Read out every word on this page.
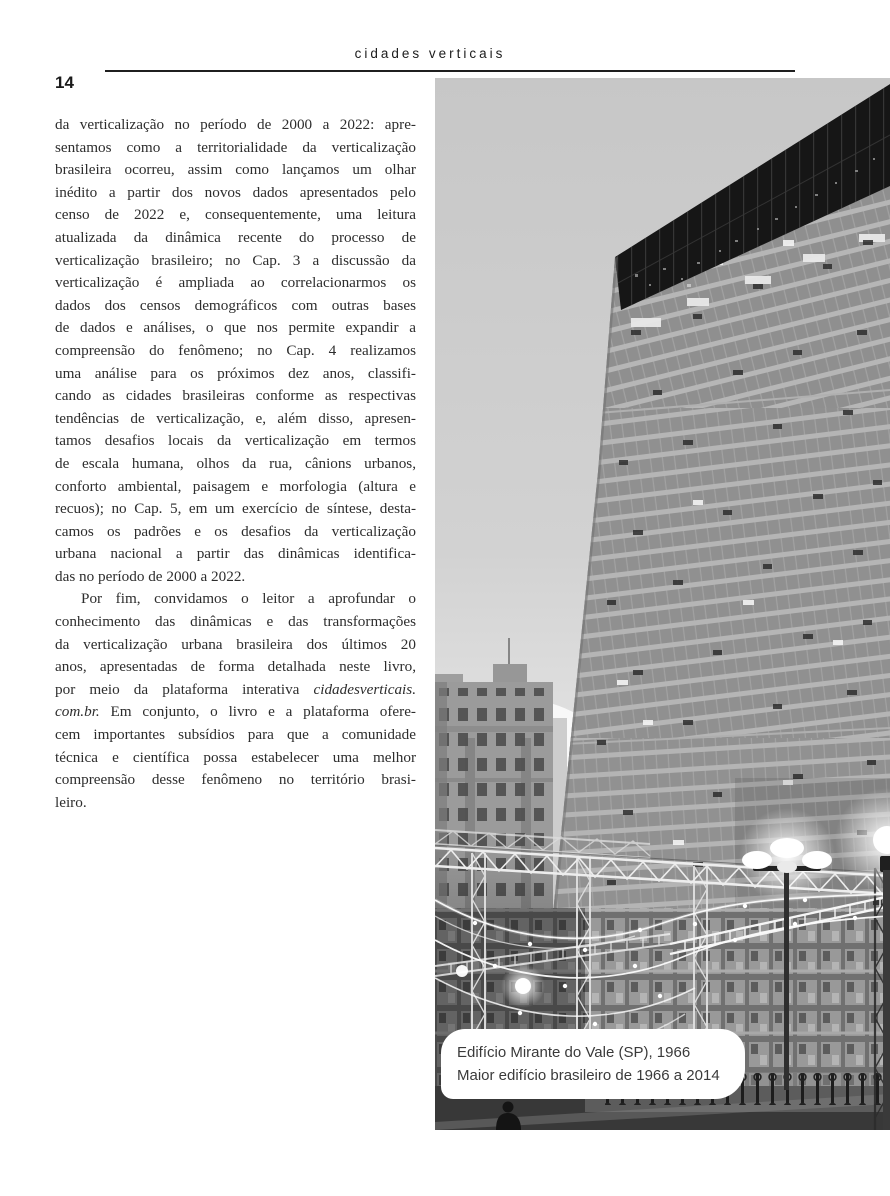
cidades verticais
14
da verticalização no período de 2000 a 2022: apre-
sentamos como a territorialidade da verticalização
brasileira ocorreu, assim como lançamos um olhar
inédito a partir dos novos dados apresentados pelo
censo de 2022 e, consequentemente, uma leitura
atualizada da dinâmica recente do processo de
verticalização brasileiro; no Cap. 3 a discussão da
verticalização é ampliada ao correlacionarmos os
dados dos censos demográficos com outras bases
de dados e análises, o que nos permite expandir a
compreensão do fenômeno; no Cap. 4 realizamos
uma análise para os próximos dez anos, classifi-
cando as cidades brasileiras conforme as respectivas
tendências de verticalização, e, além disso, apresen-
tamos desafios locais da verticalização em termos
de escala humana, olhos da rua, cânions urbanos,
conforto ambiental, paisagem e morfologia (altura e
recuos); no Cap. 5, em um exercício de síntese, desta-
camos os padrões e os desafios da verticalização
urbana nacional a partir das dinâmicas identifica-
das no período de 2000 a 2022.
Por fim, convidamos o leitor a aprofundar o
conhecimento das dinâmicas e das transformações
da verticalização urbana brasileira dos últimos 20
anos, apresentadas de forma detalhada neste livro,
por meio da plataforma interativa cidadesverticais.
com.br. Em conjunto, o livro e a plataforma ofere-
cem importantes subsídios para que a comunidade
técnica e científica possa estabelecer uma melhor
compreensão desse fenômeno no território brasi-
leiro.
Edifício Mirante do Vale (SP), 1966
Maior edifício brasileiro de 1966 a 2014
